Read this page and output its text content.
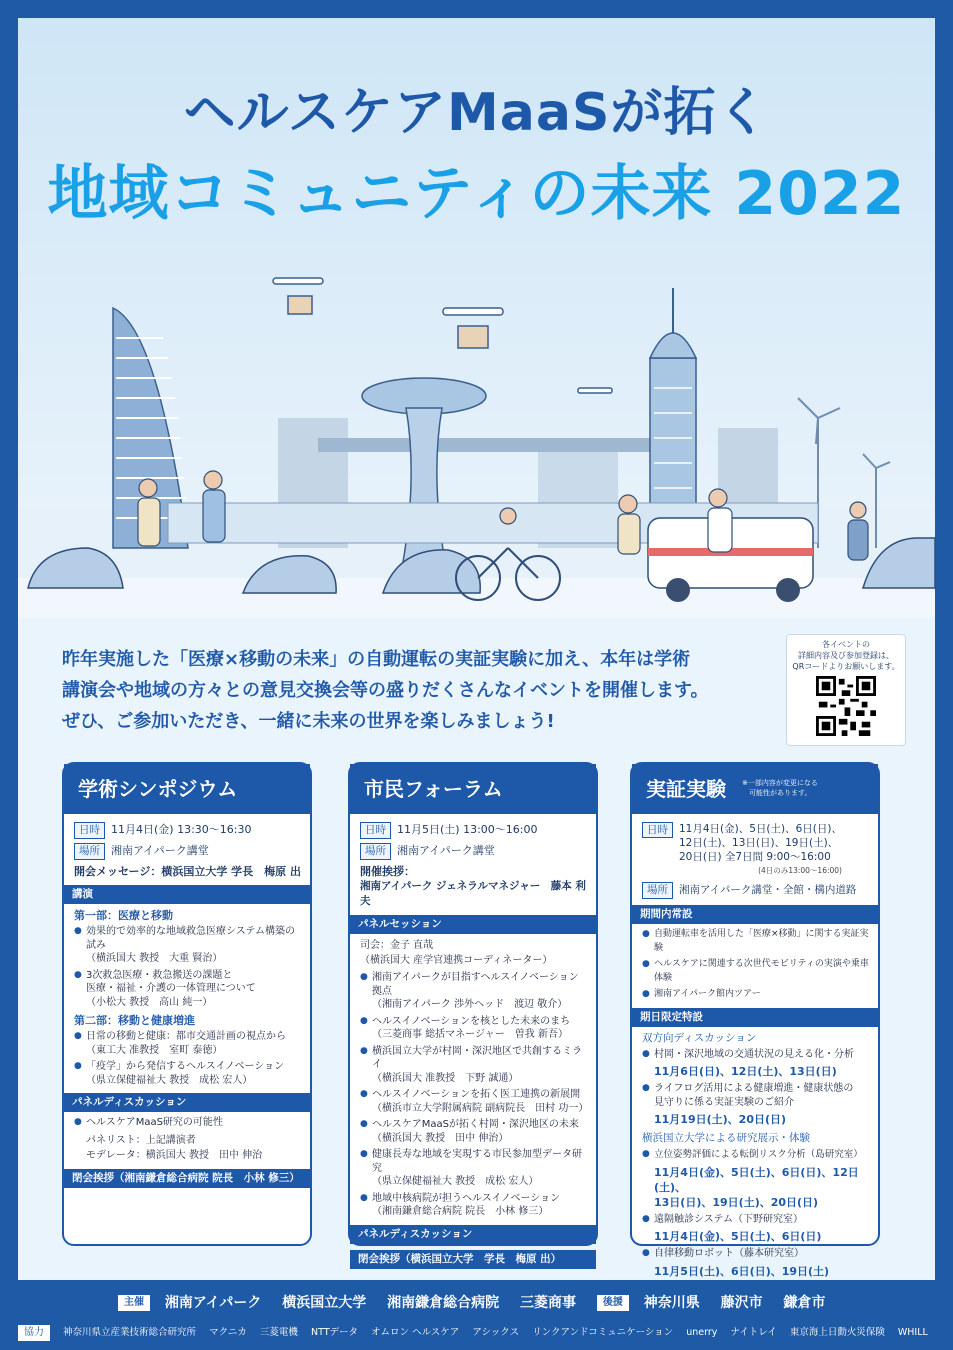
ヘルスケアMaaSが拓く
地域コミュニティの未来 2022
昨年実施した「医療×移動の未来」の自動運転の実証実験に加え、本年は学術
講演会や地域の方々との意見交換会等の盛りだくさんなイベントを開催します。
ぜひ、ご参加いただき、一緒に未来の世界を楽しみましょう!
各イベントの
詳細内容及び参加登録は、
QRコードよりお願いします。
学術シンポジウム
日時 11月4日(金) 13:30～16:30
場所 湘南アイパーク講堂
開会メッセージ：横浜国立大学 学長　梅原 出
講演
第一部：医療と移動
● 効果的で効率的な地域救急医療システム構築の試み
（横浜国大 教授　大重 賢治）
● 3次救急医療・救急搬送の課題と
医療・福祉・介護の一体管理について
（小松大 教授　高山 純一）
第二部：移動と健康増進
● 日常の移動と健康：都市交通計画の視点から
（東工大 准教授　室町 泰徳）
● 「疫学」から発信するヘルスイノベーション
（県立保健福祉大 教授　成松 宏人）
パネルディスカッション
● ヘルスケアMaaS研究の可能性
パネリスト：上記講演者
モデレータ：横浜国大 教授　田中 伸治
閉会挨拶（湘南鎌倉総合病院 院長　小林 修三）
市民フォーラム
日時 11月5日(土) 13:00～16:00
場所 湘南アイパーク講堂
開催挨拶：
湘南アイパーク ジェネラルマネジャー　藤本 利夫
パネルセッション
司会：金子 直哉
（横浜国大 産学官連携コーディネーター）
● 湘南アイパークが目指すヘルスイノベーション拠点
（湘南アイパーク 渉外ヘッド　渡辺 敬介）
● ヘルスイノベーションを核とした未来のまち
（三菱商事 総括マネージャー　曽我 新吾）
● 横浜国立大学が村岡・深沢地区で共創するミライ
（横浜国大 准教授　下野 誠通）
● ヘルスイノベーションを拓く医工連携の新展開
（横浜市立大学附属病院 副病院長　田村 功一）
● ヘルスケアMaaSが拓く村岡・深沢地区の未来
（横浜国大 教授　田中 伸治）
● 健康長寿な地域を実現する市民参加型データ研究
（県立保健福祉大 教授　成松 宏人）
● 地域中核病院が担うヘルスイノベーション
（湘南鎌倉総合病院 院長　小林 修三）
パネルディスカッション
閉会挨拶（横浜国立大学　学長　梅原 出）
実証実験 ※一部内容が変更になる
　可能性があります。
日時	11月4日(金)、5日(土)、6日(日)、
12日(土)、13日(日)、19日(土)、
20日(日) 全7日間 9:00～16:00
(4日のみ13:00～16:00)
場所 湘南アイパーク講堂・全館・構内道路
期間内常設
● 自動運転車を活用した「医療×移動」に関する実証実験
● ヘルスケアに関連する次世代モビリティの実演や乗車体験
● 湘南アイパーク館内ツアー
期日限定特設
双方向ディスカッション
● 村岡・深沢地域の交通状況の見える化・分析
11月6日(日)、12日(土)、13日(日)
● ライフログ活用による健康増進・健康状態の
見守りに係る実証実験のご紹介
11月19日(土)、20日(日)
横浜国立大学による研究展示・体験
● 立位姿勢評価による転倒リスク分析（島研究室）
11月4日(金)、5日(土)、6日(日)、12日(土)、
13日(日)、19日(土)、20日(日)
● 遠隔触診システム（下野研究室）
11月4日(金)、5日(土)、6日(日)
● 自律移動ロボット（藤本研究室）
11月5日(土)、6日(日)、19日(土)
主催 湘南アイパーク 横浜国立大学 湘南鎌倉総合病院 三菱商事	後援 神奈川県 藤沢市 鎌倉市
協力 神奈川県立産業技術総合研究所 マクニカ 三菱電機 NTTデータ オムロン ヘルスケア アシックス リンクアンドコミュニケーション unerry ナイトレイ 東京海上日動火災保険 WHILL
